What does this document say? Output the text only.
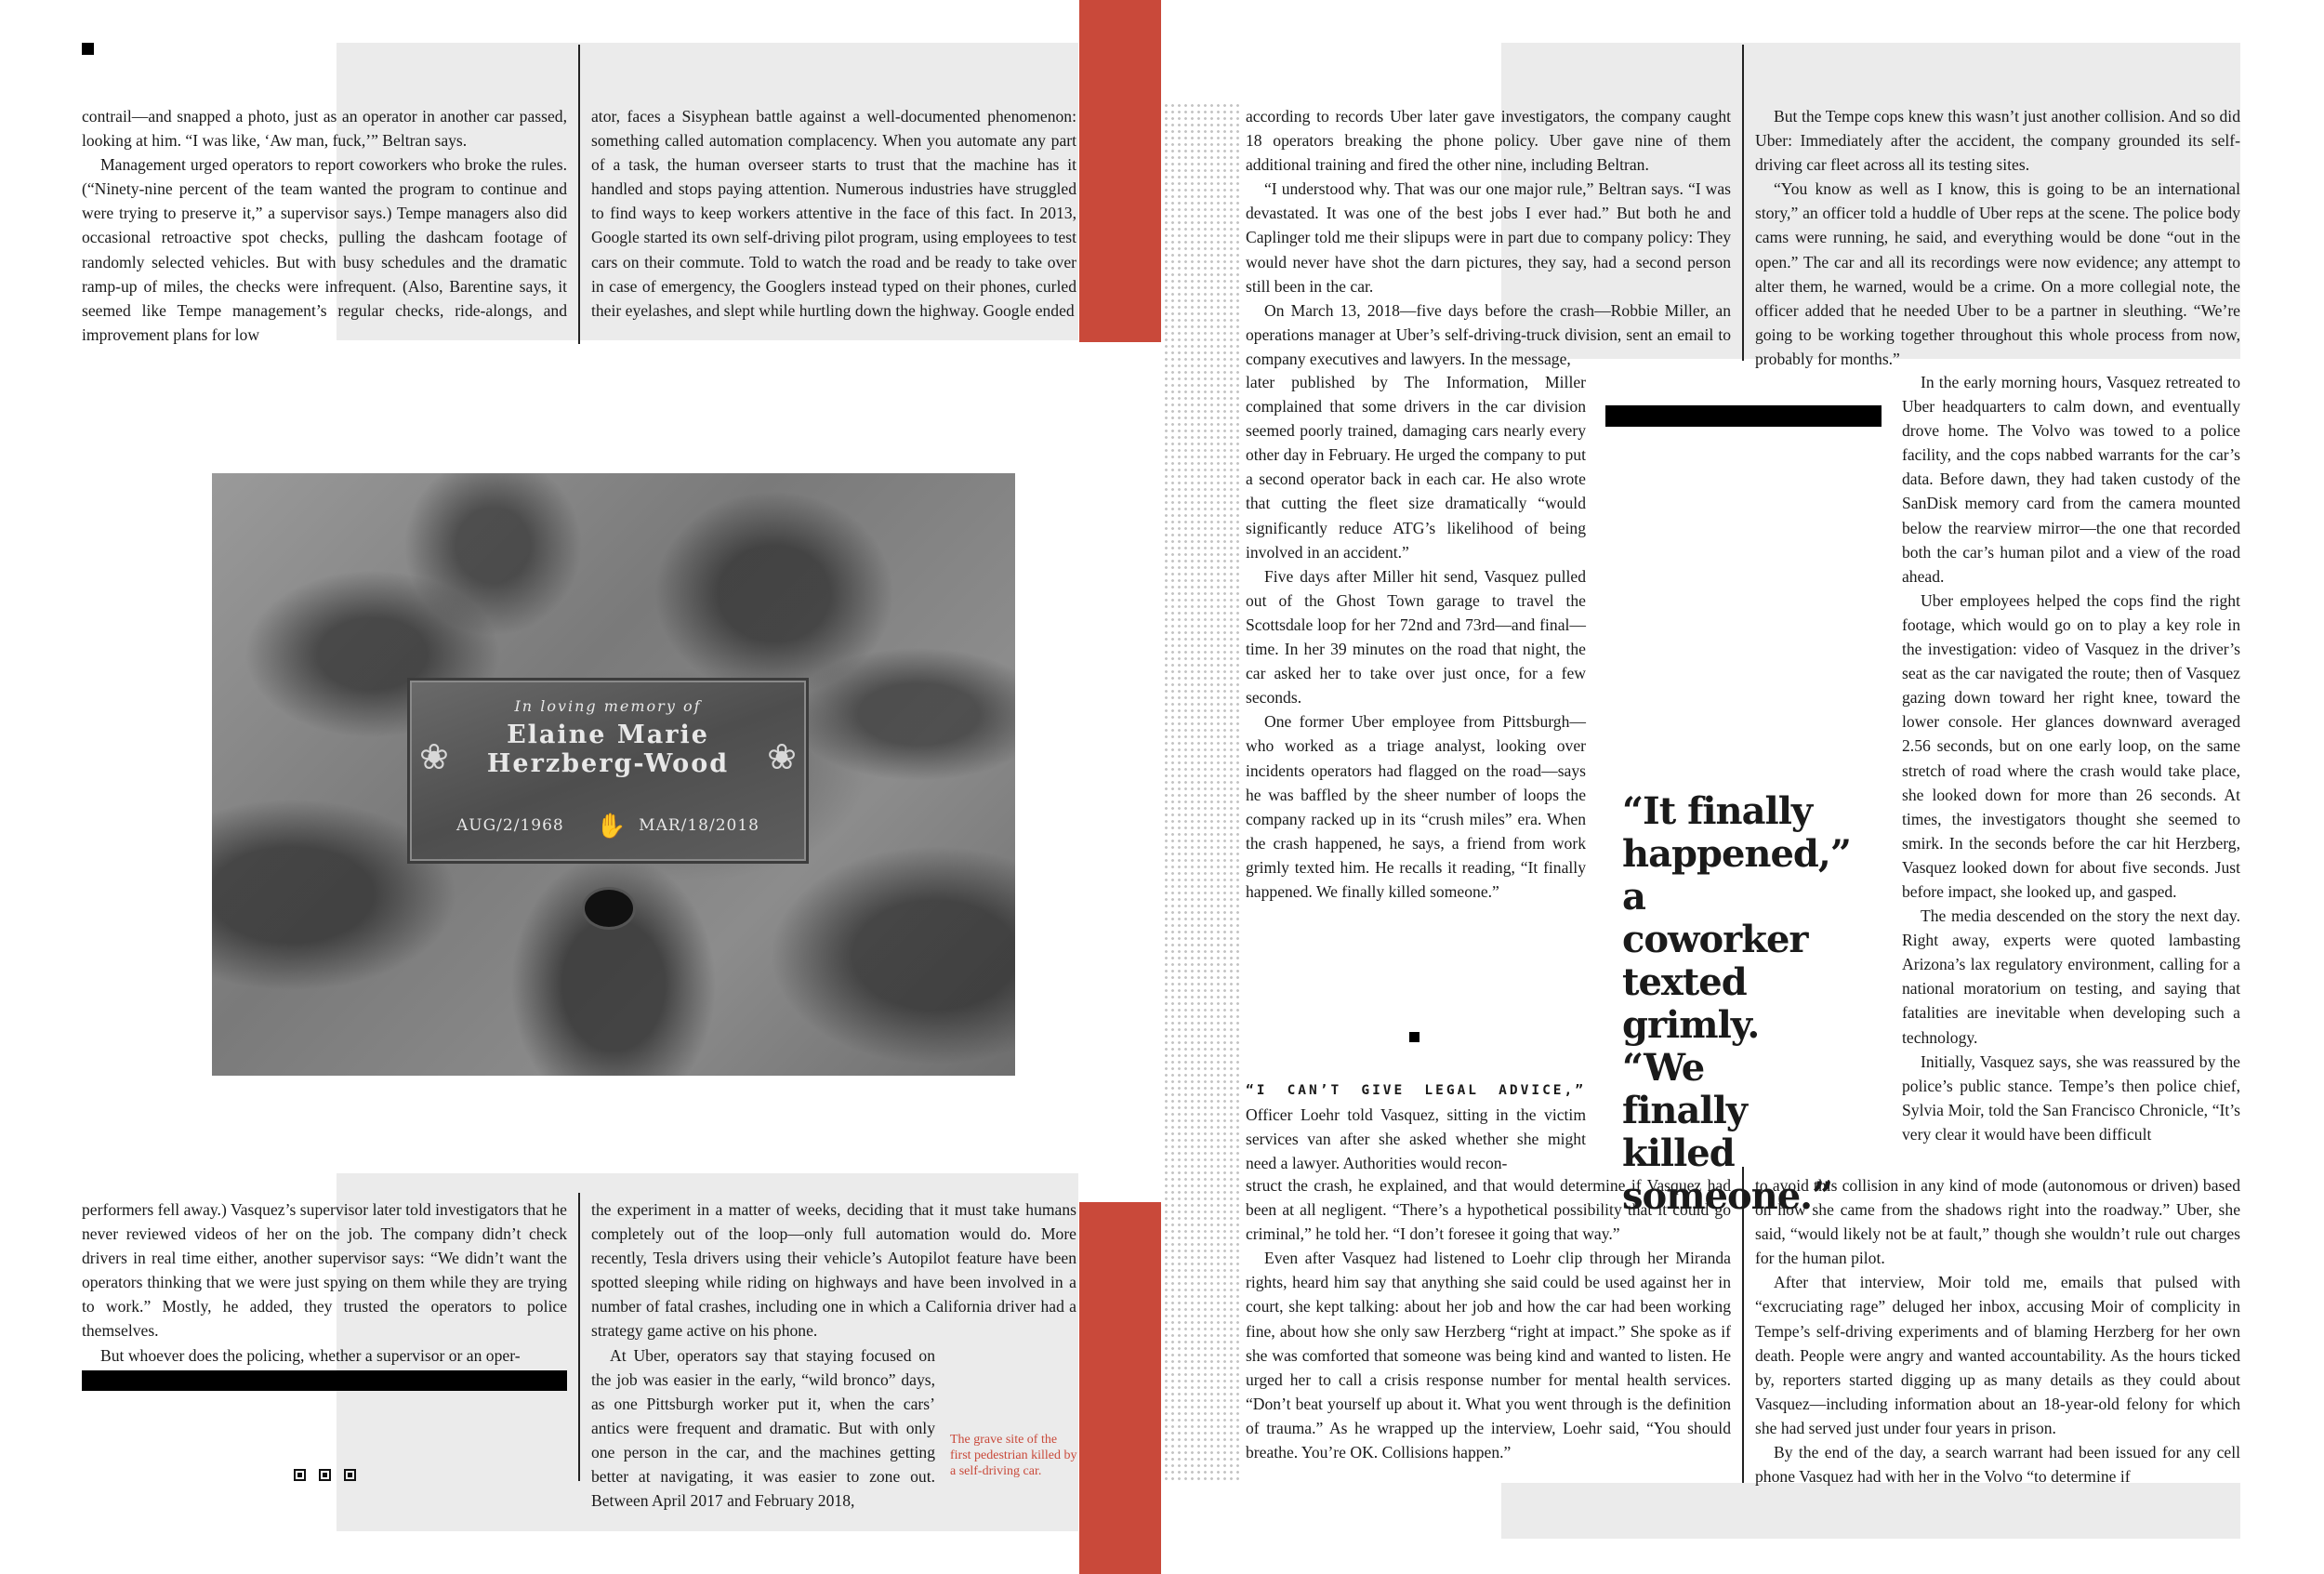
contrail—and snapped a photo, just as an operator in another car passed, looking at him. “I was like, ‘Aw man, fuck,’” Beltran says.

Management urged operators to report coworkers who broke the rules. (“Ninety-nine percent of the team wanted the program to continue and were trying to preserve it,” a supervisor says.) Tempe managers also did occasional retroactive spot checks, pulling the dashcam footage of randomly selected vehicles. But with busy schedules and the dramatic ramp-up of miles, the checks were infrequent. (Also, Barentine says, it seemed like Tempe management’s regular checks, ride-alongs, and improvement plans for low

ator, faces a Sisyphean battle against a well-documented phenomenon: something called automation complacency. When you automate any part of a task, the human overseer starts to trust that the machine has it handled and stops paying attention. Numerous industries have struggled to find ways to keep workers attentive in the face of this fact. In 2013, Google started its own self-driving pilot program, using employees to test cars on their commute. Told to watch the road and be ready to take over in case of emergency, the Googlers instead typed on their phones, curled their eyelashes, and slept while hurtling down the highway. Google ended

In loving memory of
Elaine Marie
Herzberg-Wood
AUG/2/1968 ✋ MAR/18/2018
❀	❀

performers fell away.) Vasquez’s supervisor later told investigators that he never reviewed videos of her on the job. The company didn’t check drivers in real time either, another supervisor says: “We didn’t want the operators thinking that we were just spying on them while they are trying to work.” Mostly, he added, they trusted the operators to police themselves.

But whoever does the policing, whether a supervisor or an oper-

the experiment in a matter of weeks, deciding that it must take humans completely out of the loop—only full automation would do. More recently, Tesla drivers using their vehicle’s Autopilot feature have been spotted sleeping while riding on highways and have been involved in a number of fatal crashes, including one in which a California driver had a strategy game active on his phone.

At Uber, operators say that staying focused on the job was easier in the early, “wild bronco” days, as one Pittsburgh worker put it, when the cars’ antics were frequent and dramatic. But with only one person in the car, and the machines getting better at navigating, it was easier to zone out. Between April 2017 and February 2018,

The grave site of the first pedestrian killed by a self-driving car.

according to records Uber later gave investigators, the company caught 18 operators breaking the phone policy. Uber gave nine of them additional training and fired the other nine, including Beltran.

“I understood why. That was our one major rule,” Beltran says. “I was devastated. It was one of the best jobs I ever had.” But both he and Caplinger told me their slipups were in part due to company policy: They would never have shot the darn pictures, they say, had a second person still been in the car.

On March 13, 2018—five days before the crash—Robbie Miller, an operations manager at Uber’s self-driving-truck division, sent an email to company executives and lawyers. In the message,

later published by The Information, Miller complained that some drivers in the car division seemed poorly trained, damaging cars nearly every other day in February. He urged the company to put a second operator back in each car. He also wrote that cutting the fleet size dramatically “would significantly reduce ATG’s likelihood of being involved in an accident.”

Five days after Miller hit send, Vasquez pulled out of the Ghost Town garage to travel the Scottsdale loop for her 72nd and 73rd—and final—time. In her 39 minutes on the road that night, the car asked her to take over just once, for a few seconds.

One former Uber employee from Pittsburgh—who worked as a triage analyst, looking over incidents operators had flagged on the road—says he was baffled by the sheer number of loops the company racked up in its “crush miles” era. When the crash happened, he says, a friend from work grimly texted him. He recalls it reading, “It finally happened. We finally killed someone.”

“I CAN’T GIVE LEGAL ADVICE,” Officer Loehr told Vasquez, sitting in the victim services van after she asked whether she might need a lawyer. Authorities would recon-

struct the crash, he explained, and that would determine if Vasquez had been at all negligent. “There’s a hypothetical possibility that it could go criminal,” he told her. “I don’t foresee it going that way.”

Even after Vasquez had listened to Loehr clip through her Miranda rights, heard him say that anything she said could be used against her in court, she kept talking: about her job and how the car had been working fine, about how she only saw Herzberg “right at impact.” She spoke as if she was comforted that someone was being kind and wanted to listen. He urged her to call a crisis response number for mental health services. “Don’t beat yourself up about it. What you went through is the definition of trauma.” As he wrapped up the interview, Loehr said, “You should breathe. You’re OK. Collisions happen.”

“It finally happened,” a coworker texted grimly. “We finally killed someone.”

But the Tempe cops knew this wasn’t just another collision. And so did Uber: Immediately after the accident, the company grounded its self-driving car fleet across all its testing sites.

“You know as well as I know, this is going to be an international story,” an officer told a huddle of Uber reps at the scene. The police body cams were running, he said, and everything would be done “out in the open.” The car and all its recordings were now evidence; any attempt to alter them, he warned, would be a crime. On a more collegial note, the officer added that he needed Uber to be a partner in sleuthing. “We’re going to be working together throughout this whole process from now, probably for months.”

In the early morning hours, Vasquez retreated to Uber headquarters to calm down, and eventually drove home. The Volvo was towed to a police facility, and the cops nabbed warrants for the car’s data. Before dawn, they had taken custody of the SanDisk memory card from the camera mounted below the rearview mirror—the one that recorded both the car’s human pilot and a view of the road ahead.

Uber employees helped the cops find the right footage, which would go on to play a key role in the investigation: video of Vasquez in the driver’s seat as the car navigated the route; then of Vasquez gazing down toward her right knee, toward the lower console. Her glances downward averaged 2.56 seconds, but on one early loop, on the same stretch of road where the crash would take place, she looked down for more than 26 seconds. At times, the investigators thought she seemed to smirk. In the seconds before the car hit Herzberg, Vasquez looked down for about five seconds. Just before impact, she looked up, and gasped.

The media descended on the story the next day. Right away, experts were quoted lambasting Arizona’s lax regulatory environment, calling for a national moratorium on testing, and saying that fatalities are inevitable when developing such a technology.

Initially, Vasquez says, she was reassured by the police’s public stance. Tempe’s then police chief, Sylvia Moir, told the San Francisco Chronicle, “It’s very clear it would have been difficult

to avoid this collision in any kind of mode (autonomous or driven) based on how she came from the shadows right into the roadway.” Uber, she said, “would likely not be at fault,” though she wouldn’t rule out charges for the human pilot.

After that interview, Moir told me, emails that pulsed with “excruciating rage” deluged her inbox, accusing Moir of complicity in Tempe’s self-driving experiments and of blaming Herzberg for her own death. People were angry and wanted accountability. As the hours ticked by, reporters started digging up as many details as they could about Vasquez—including information about an 18-year-old felony for which she had served just under four years in prison.

By the end of the day, a search warrant had been issued for any cell phone Vasquez had with her in the Volvo “to determine if
